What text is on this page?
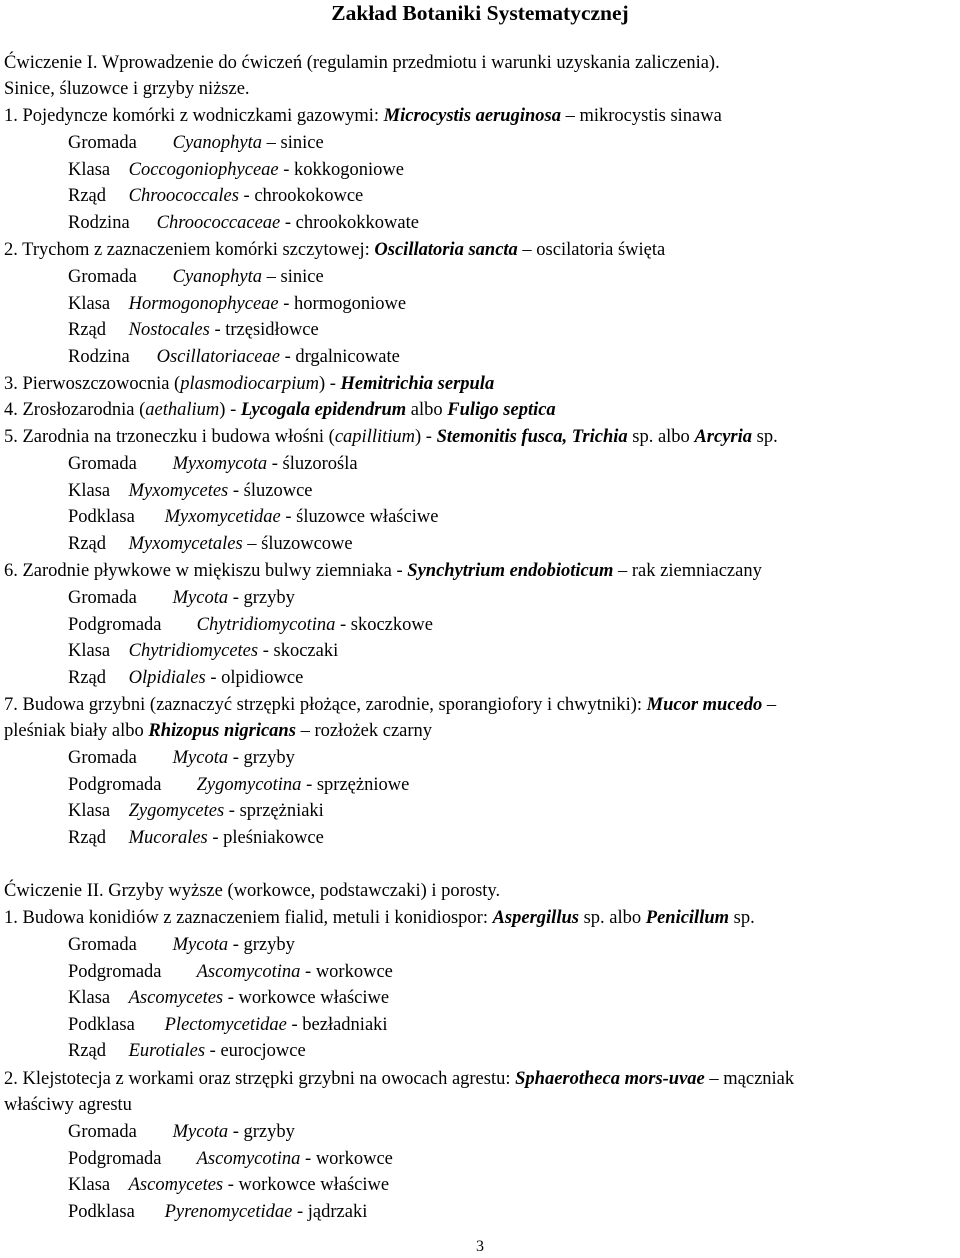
Zakład Botaniki Systematycznej
Ćwiczenie I. Wprowadzenie do ćwiczeń (regulamin przedmiotu i warunki uzyskania zaliczenia).
Sinice, śluzowce i grzyby niższe.
1. Pojedyncze komórki z wodniczkami gazowymi: Microcystis aeruginosa – mikrocystis sinawa
Gromada Cyanophyta – sinice
Klasa Coccogoniophyceae - kokkogoniowe
Rząd Chroococcales - chrookokowce
Rodzina Chroococcaceae - chrookokkowate
2. Trychom z zaznaczeniem komórki szczytowej: Oscillatoria sancta – oscilatoria święta
Gromada Cyanophyta – sinice
Klasa Hormogonophyceae - hormogoniowe
Rząd Nostocales - trzęsidłowce
Rodzina Oscillatoriaceae - drgalnicowate
3. Pierwoszczowocnia (plasmodiocarpium) - Hemitrichia serpula
4. Zrosłozarodnia (aethalium) - Lycogala epidendrum albo Fuligo septica
5. Zarodnia na trzoneczku i budowa włośni (capillitium) - Stemonitis fusca, Trichia sp. albo Arcyria sp.
Gromada Myxomycota - śluzorośla
Klasa Myxomycetes - śluzowce
Podklasa Myxomycetidae - śluzowce właściwe
Rząd Myxomycetales – śluzowcowe
6. Zarodnie pływkowe w miękiszu bulwy ziemniaka - Synchytrium endobioticum – rak ziemniaczany
Gromada Mycota - grzyby
Podgromada Chytridiomycotina - skoczkowe
Klasa Chytridiomycetes - skoczaki
Rząd Olpidiales - olpidiowce
7. Budowa grzybni (zaznaczyć strzępki płożące, zarodnie, sporangiofory i chwytniki): Mucor mucedo –
pleśniak biały albo Rhizopus nigricans – rozłożek czarny
Gromada Mycota - grzyby
Podgromada Zygomycotina - sprzężniowe
Klasa Zygomycetes - sprzężniaki
Rząd Mucorales - pleśniakowce
Ćwiczenie II. Grzyby wyższe (workowce, podstawczaki) i porosty.
1. Budowa konidiów z zaznaczeniem fialid, metuli i konidiospor: Aspergillus sp. albo Penicillum sp.
Gromada Mycota - grzyby
Podgromada Ascomycotina - workowce
Klasa Ascomycetes - workowce właściwe
Podklasa Plectomycetidae - bezładniaki
Rząd Eurotiales - eurocjowce
2. Klejstotecja z workami oraz strzępki grzybni na owocach agrestu: Sphaerotheca mors-uvae – mączniak
właściwy agrestu
Gromada Mycota - grzyby
Podgromada Ascomycotina - workowce
Klasa Ascomycetes - workowce właściwe
Podklasa Pyrenomycetidae - jądrzaki
3
